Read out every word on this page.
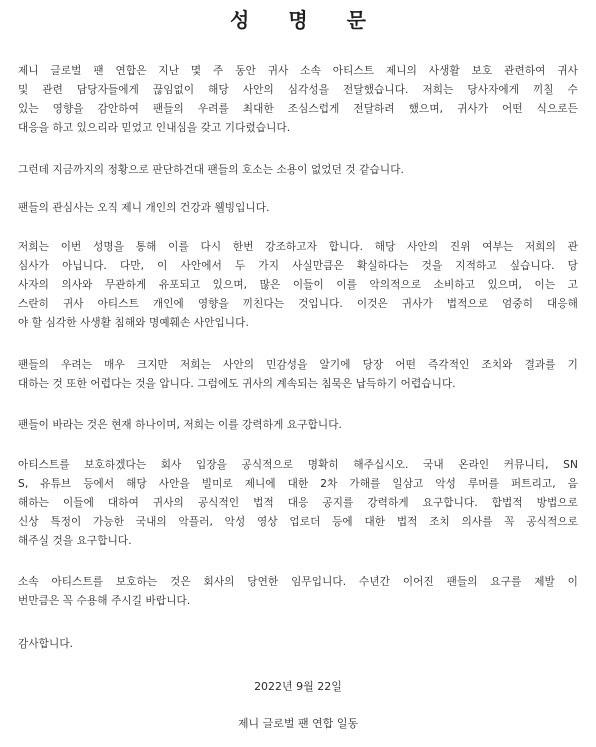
성 명 문
제니 글로벌 팬 연합은 지난 몇 주 동안 귀사 소속 아티스트 제니의 사생활 보호 관련하여 귀사
및 관련 담당자들에게 끊임없이 해당 사안의 심각성을 전달했습니다. 저희는 당사자에게 끼칠 수
있는 영향을 감안하여 팬들의 우려를 최대한 조심스럽게 전달하려 했으며, 귀사가 어떤 식으로든
대응을 하고 있으리라 믿었고 인내심을 갖고 기다렸습니다.
그런데 지금까지의 정황으로 판단하건대 팬들의 호소는 소용이 없었던 것 같습니다.
팬들의 관심사는 오직 제니 개인의 건강과 웰빙입니다.
저희는 이번 성명을 통해 이를 다시 한번 강조하고자 합니다. 해당 사안의 진위 여부는 저희의 관
심사가 아닙니다. 다만, 이 사안에서 두 가지 사실만큼은 확실하다는 것을 지적하고 싶습니다. 당
사자의 의사와 무관하게 유포되고 있으며, 많은 이들이 이를 악의적으로 소비하고 있으며, 이는 고
스란히 귀사 아티스트 개인에 영향을 끼친다는 것입니다. 이것은 귀사가 법적으로 엄중히 대응해
야 할 심각한 사생활 침해와 명예훼손 사안입니다.
팬들의 우려는 매우 크지만 저희는 사안의 민감성을 알기에 당장 어떤 즉각적인 조치와 결과를 기
대하는 것 또한 어렵다는 것을 압니다. 그럼에도 귀사의 계속되는 침묵은 납득하기 어렵습니다.
팬들이 바라는 것은 현재 하나이며, 저희는 이를 강력하게 요구합니다.
아티스트를 보호하겠다는 회사 입장을 공식적으로 명확히 해주십시오. 국내 온라인 커뮤니티, SN
S, 유튜브 등에서 해당 사안을 빌미로 제니에 대한 2차 가해를 일삼고 악성 루머를 퍼트리고, 음
해하는 이들에 대하여 귀사의 공식적인 법적 대응 공지를 강력하게 요구합니다. 합법적 방법으로
신상 특정이 가능한 국내의 악플러, 악성 영상 업로더 등에 대한 법적 조치 의사를 꼭 공식적으로
해주실 것을 요구합니다.
소속 아티스트를 보호하는 것은 회사의 당연한 임무입니다. 수년간 이어진 팬들의 요구를 제발 이
번만큼은 꼭 수용해 주시길 바랍니다.
감사합니다.
2022년 9월 22일
제니 글로벌 팬 연합 일동
